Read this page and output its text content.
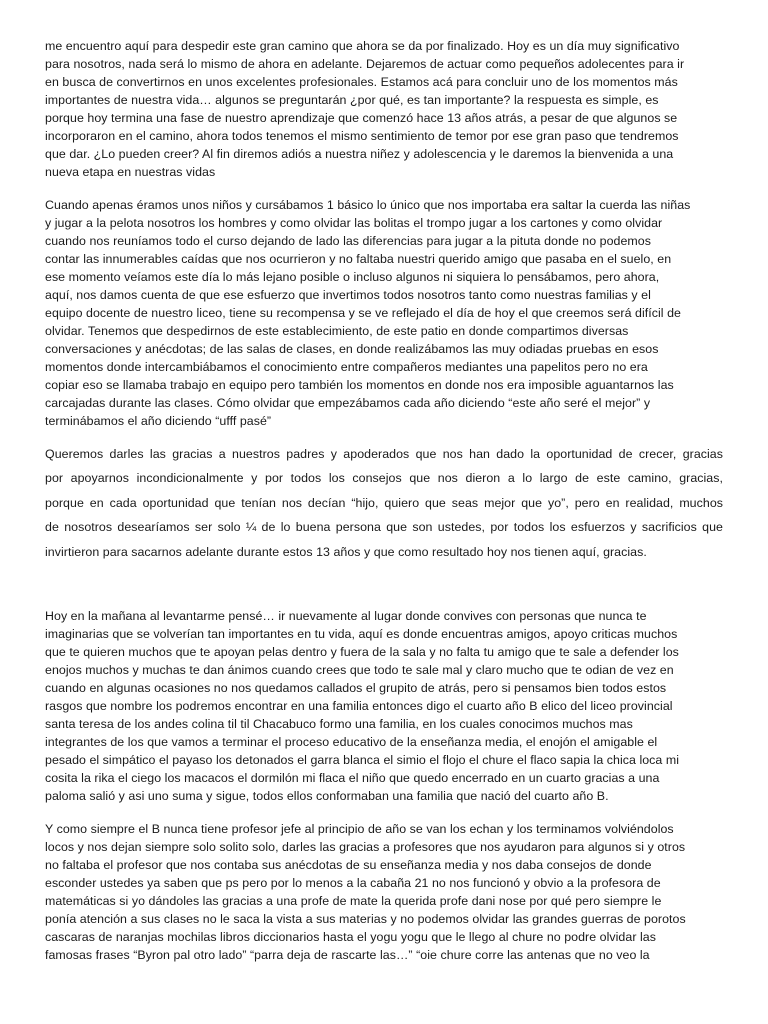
me encuentro aquí para despedir este gran camino que ahora se da por finalizado. Hoy es un día muy significativo

para nosotros, nada será lo mismo de ahora en adelante. Dejaremos de actuar como pequeños adolecentes para ir

en busca de convertirnos en unos excelentes profesionales. Estamos acá para concluir uno de los momentos más

importantes de nuestra vida… algunos se preguntarán ¿por qué, es tan importante? la respuesta es simple, es

porque hoy termina una fase de nuestro aprendizaje que comenzó hace 13 años atrás, a pesar de que algunos se

incorporaron en el camino, ahora todos tenemos el mismo sentimiento de temor por ese gran paso que tendremos

que dar. ¿Lo pueden creer? Al fin diremos adiós a nuestra niñez y adolescencia y le daremos la bienvenida a una

nueva etapa en nuestras vidas

Cuando apenas éramos unos niños y cursábamos 1 básico lo único que nos importaba era saltar la cuerda las niñas

y jugar a la pelota nosotros los hombres y como olvidar las bolitas el trompo jugar a los cartones y como olvidar

cuando nos reuníamos todo el curso dejando de lado las diferencias para jugar a la pituta donde no podemos

contar las innumerables caídas que nos ocurrieron y no faltaba nuestri querido amigo que pasaba en el suelo, en

ese momento veíamos este día lo más lejano posible o incluso algunos ni siquiera lo pensábamos, pero ahora,

aquí, nos damos cuenta de que ese esfuerzo que invertimos todos nosotros tanto como nuestras familias y el

equipo docente de nuestro liceo, tiene su recompensa y se ve reflejado el día de hoy el que creemos será difícil de

olvidar. Tenemos que despedirnos de este establecimiento, de este patio en donde compartimos diversas

conversaciones y anécdotas; de las salas de clases, en donde realizábamos las muy odiadas pruebas en esos

momentos donde intercambiábamos el conocimiento entre compañeros mediantes una papelitos pero no era

copiar eso se llamaba trabajo en equipo pero también los momentos en donde nos era imposible aguantarnos las

carcajadas durante las clases. Cómo olvidar que empezábamos cada año diciendo “este año seré el mejor” y

terminábamos el año diciendo “ufff pasé”

Queremos darles las gracias a nuestros padres y apoderados que nos han dado la oportunidad de crecer, gracias

por apoyarnos incondicionalmente y por todos los consejos que nos dieron a lo largo de este camino, gracias,

porque en cada oportunidad que tenían nos decían “hijo, quiero que seas mejor que yo”, pero en realidad, muchos

de nosotros desearíamos ser solo ¼ de lo buena persona que son ustedes, por todos los esfuerzos y sacrificios que

invirtieron para sacarnos adelante durante estos 13 años y que como resultado hoy nos tienen aquí, gracias.

Hoy en la mañana al levantarme pensé… ir nuevamente al lugar donde convives con personas que nunca te

imaginarias que se volverían tan importantes en tu vida, aquí es donde encuentras amigos, apoyo criticas muchos

que te quieren muchos que te apoyan pelas dentro y fuera de la sala y no falta tu amigo que te sale a defender los

enojos muchos y muchas te dan ánimos cuando crees que todo te sale mal y claro mucho que te odian de vez en

cuando en algunas ocasiones no nos quedamos callados el grupito de atrás, pero si pensamos bien todos estos

rasgos que nombre los podremos encontrar en una familia entonces digo el cuarto año B elico del liceo provincial

santa teresa de los andes colina til til Chacabuco formo una familia, en los cuales conocimos muchos mas

integrantes de los que vamos a terminar el proceso educativo de la enseñanza media, el enojón el amigable el

pesado el simpático el payaso los detonados el garra blanca el simio el flojo el chure el flaco sapia la chica loca mi

cosita la rika el ciego los macacos el dormilón mi flaca el niño que quedo encerrado en un cuarto gracias a una

paloma salió y asi uno suma y sigue, todos ellos conformaban una familia que nació del cuarto año B.

Y como siempre el B nunca tiene profesor jefe al principio de año se van los echan y los terminamos volviéndolos

locos y nos dejan siempre solo solito solo, darles las gracias a profesores que nos ayudaron para algunos si y otros

no faltaba el profesor que nos contaba sus anécdotas de su enseñanza media y nos daba consejos de donde

esconder ustedes ya saben que ps pero por lo menos a la cabaña 21 no nos funcionó y obvio a la profesora de

matemáticas si yo dándoles las gracias a una profe de mate la querida profe dani nose por qué pero siempre le

ponía atención a sus clases no le saca la vista a sus materias y no podemos olvidar las grandes guerras de porotos

cascaras de naranjas mochilas libros diccionarios hasta el yogu yogu que le llego al chure no podre olvidar las

famosas frases “Byron pal otro lado” “parra deja de rascarte las…” “oie chure corre las antenas que no veo la
